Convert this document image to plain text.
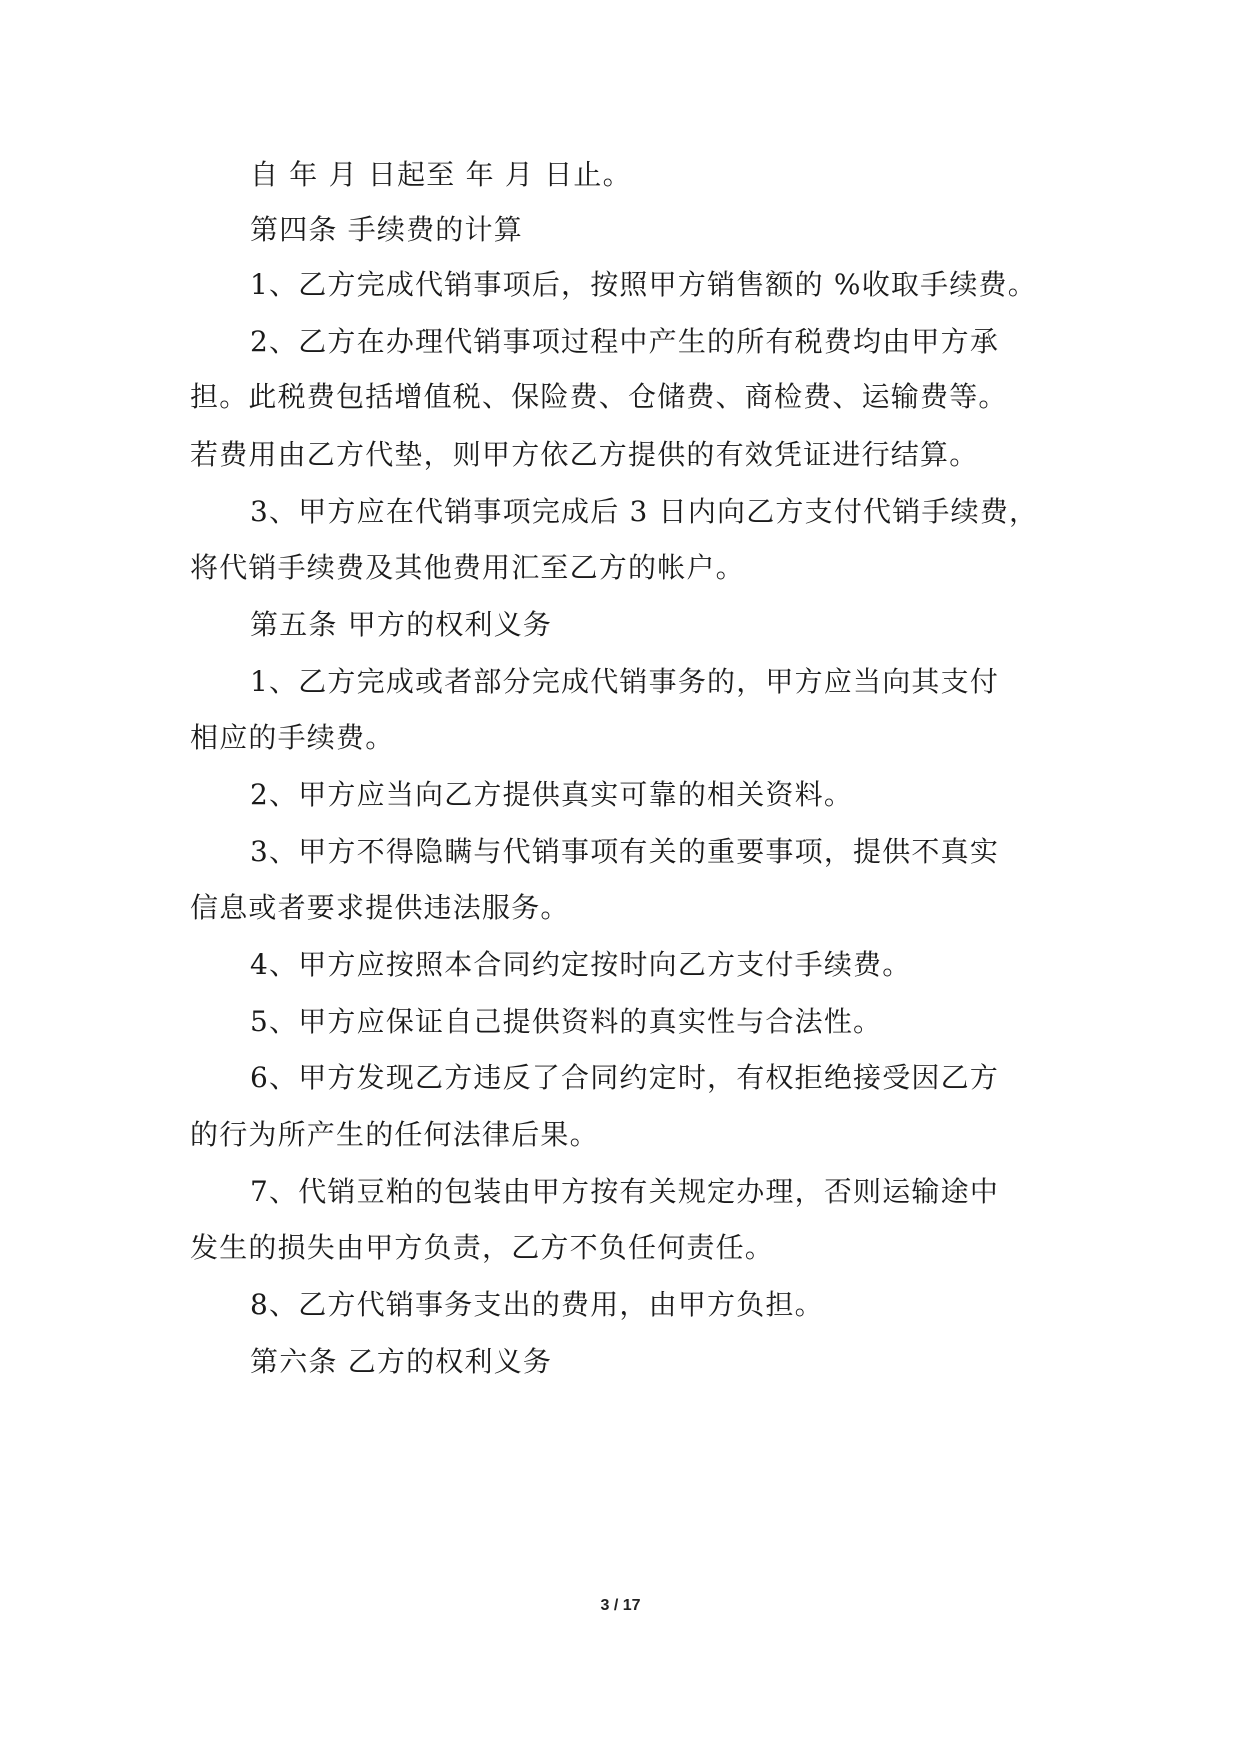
自 年 月 日起至 年 月 日止。
第四条 手续费的计算
1、乙方完成代销事项后，按照甲方销售额的 %收取手续费。
2、乙方在办理代销事项过程中产生的所有税费均由甲方承
担。此税费包括增值税、保险费、仓储费、商检费、运输费等。
若费用由乙方代垫，则甲方依乙方提供的有效凭证进行结算。
3、甲方应在代销事项完成后 3 日内向乙方支付代销手续费，
将代销手续费及其他费用汇至乙方的帐户。
第五条 甲方的权利义务
1、乙方完成或者部分完成代销事务的，甲方应当向其支付
相应的手续费。
2、甲方应当向乙方提供真实可靠的相关资料。
3、甲方不得隐瞒与代销事项有关的重要事项，提供不真实
信息或者要求提供违法服务。
4、甲方应按照本合同约定按时向乙方支付手续费。
5、甲方应保证自己提供资料的真实性与合法性。
6、甲方发现乙方违反了合同约定时，有权拒绝接受因乙方
的行为所产生的任何法律后果。
7、代销豆粕的包装由甲方按有关规定办理，否则运输途中
发生的损失由甲方负责，乙方不负任何责任。
8、乙方代销事务支出的费用，由甲方负担。
第六条 乙方的权利义务
3 / 17
